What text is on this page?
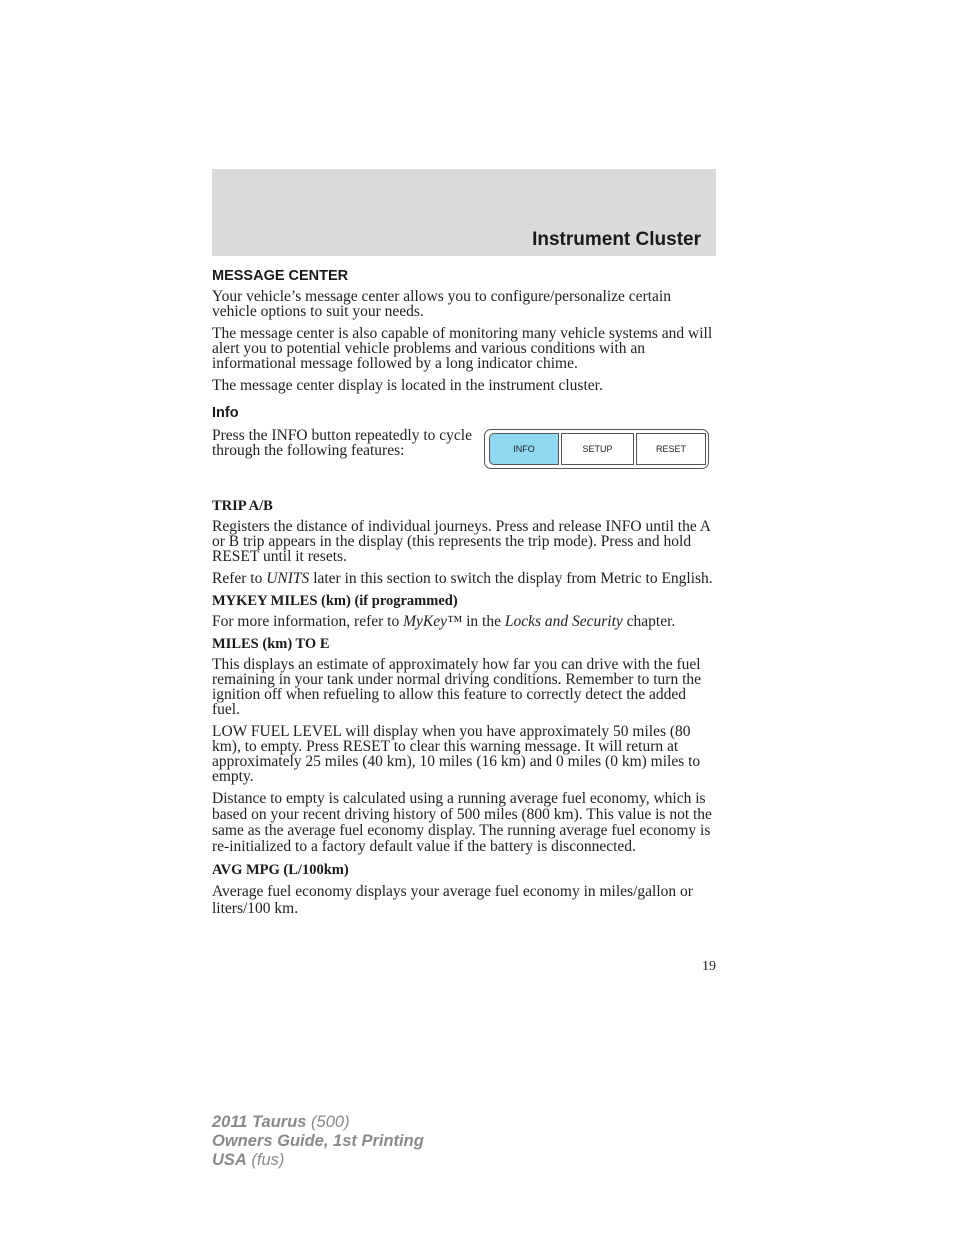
Instrument Cluster
MESSAGE CENTER

Your vehicle’s message center allows you to configure/personalize certain vehicle options to suit your needs.

The message center is also capable of monitoring many vehicle systems and will alert you to potential vehicle problems and various conditions with an informational message followed by a long indicator chime.

The message center display is located in the instrument cluster.

Info
Press the INFO button repeatedly to cycle through the following features:	INFO	SETUP	RESET
TRIP A/B

Registers the distance of individual journeys. Press and release INFO until the A or B trip appears in the display (this represents the trip mode). Press and hold RESET until it resets.

Refer to UNITS later in this section to switch the display from Metric to English.

MYKEY MILES (km) (if programmed)

For more information, refer to MyKey™ in the Locks and Security chapter.

MILES (km) TO E

This displays an estimate of approximately how far you can drive with the fuel remaining in your tank under normal driving conditions. Remember to turn the ignition off when refueling to allow this feature to correctly detect the added fuel.

LOW FUEL LEVEL will display when you have approximately 50 miles (80 km), to empty. Press RESET to clear this warning message. It will return at approximately 25 miles (40 km), 10 miles (16 km) and 0 miles (0 km) miles to empty.

Distance to empty is calculated using a running average fuel economy, which is based on your recent driving history of 500 miles (800 km). This value is not the same as the average fuel economy display. The running average fuel economy is re-initialized to a factory default value if the battery is disconnected.

AVG MPG (L/100km)

Average fuel economy displays your average fuel economy in miles/gallon or liters/100 km.

19
2011 Taurus (500)
Owners Guide, 1st Printing
USA (fus)
